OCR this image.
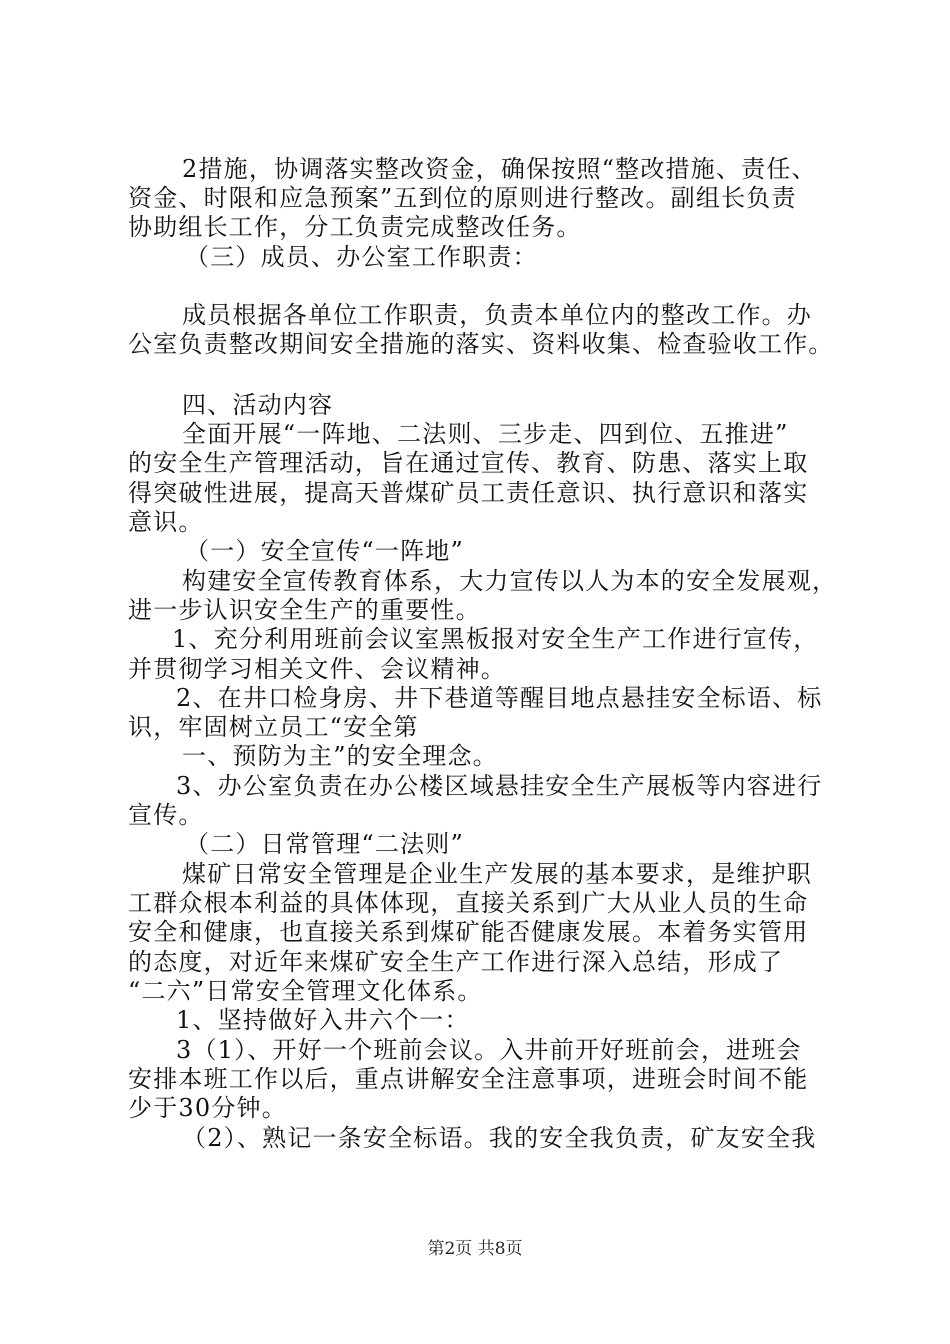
2措施，协调落实整改资金，确保按照“整改措施、责任、
资金、时限和应急预案”五到位的原则进行整改。副组长负责
协助组长工作，分工负责完成整改任务。
（三）成员、办公室工作职责：
成员根据各单位工作职责，负责本单位内的整改工作。办
公室负责整改期间安全措施的落实、资料收集、检查验收工作。
四、活动内容
全面开展“一阵地、二法则、三步走、四到位、五推进”
的安全生产管理活动，旨在通过宣传、教育、防患、落实上取
得突破性进展，提高天普煤矿员工责任意识、执行意识和落实
意识。
（一）安全宣传“一阵地”
构建安全宣传教育体系，大力宣传以人为本的安全发展观，
进一步认识安全生产的重要性。
1、充分利用班前会议室黑板报对安全生产工作进行宣传，
并贯彻学习相关文件、会议精神。
2、在井口检身房、井下巷道等醒目地点悬挂安全标语、标
识，牢固树立员工“安全第
一、预防为主”的安全理念。
3、办公室负责在办公楼区域悬挂安全生产展板等内容进行
宣传。
（二）日常管理“二法则”
煤矿日常安全管理是企业生产发展的基本要求，是维护职
工群众根本利益的具体体现，直接关系到广大从业人员的生命
安全和健康，也直接关系到煤矿能否健康发展。本着务实管用
的态度，对近年来煤矿安全生产工作进行深入总结，形成了
“二六”日常安全管理文化体系。
1、坚持做好入井六个一：
3（1）、开好一个班前会议。入井前开好班前会，进班会
安排本班工作以后，重点讲解安全注意事项，进班会时间不能
少于30分钟。
（2）、熟记一条安全标语。我的安全我负责，矿友安全我
第2页 共8页
